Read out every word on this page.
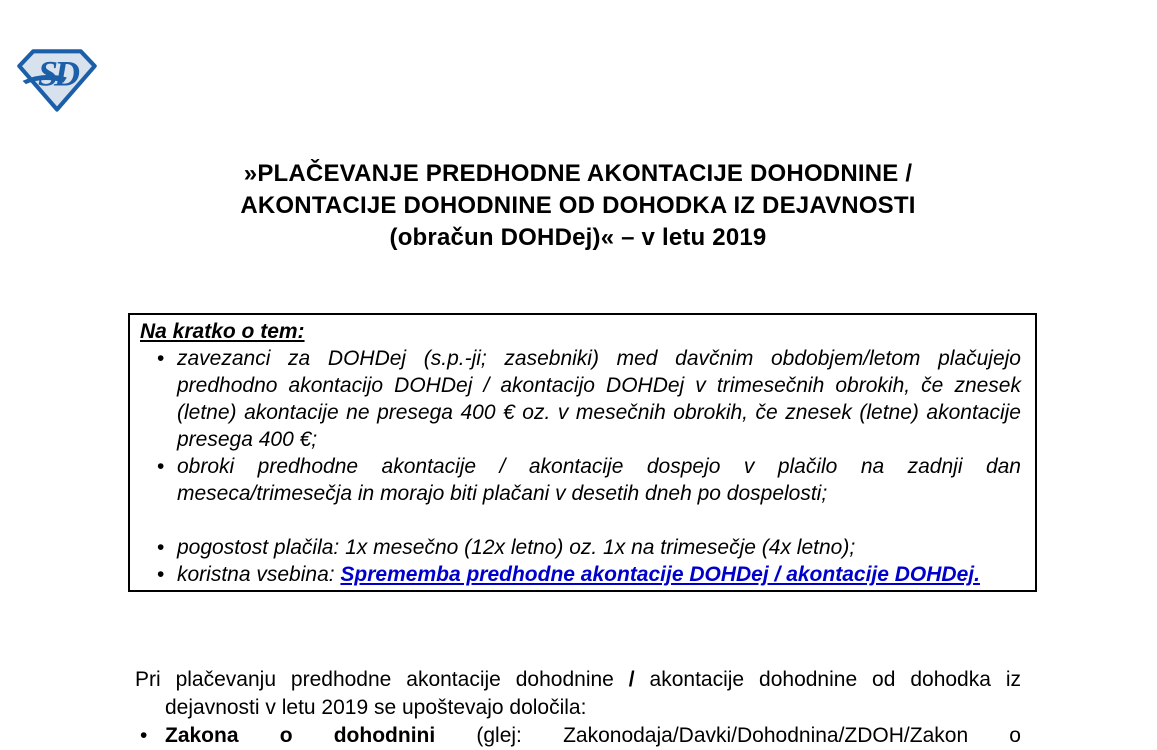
SD
»PLAČEVANJE PREDHODNE AKONTACIJE DOHODNINE /
AKONTACIJE DOHODNINE OD DOHODKA IZ DEJAVNOSTI
(obračun DOHDej)« – v letu 2019
Na kratko o tem:
• zavezanci za DOHDej (s.p.-ji; zasebniki) med davčnim obdobjem/letom plačujejo predhodno akontacijo DOHDej / akontacijo DOHDej v trimesečnih obrokih, če znesek (letne) akontacije ne presega 400 € oz. v mesečnih obrokih, če znesek (letne) akontacije presega 400 €;
• obroki predhodne akontacije / akontacije dospejo v plačilo na zadnji dan meseca/trimesečja in morajo biti plačani v desetih dneh po dospelosti;
• pogostost plačila: 1x mesečno (12x letno) oz. 1x na trimesečje (4x letno);
• koristna vsebina: Sprememba predhodne akontacije DOHDej / akontacije DOHDej.
Pri plačevanju predhodne akontacije dohodnine / akontacije dohodnine od dohodka iz dejavnosti v letu 2019 se upoštevajo določila:
• Zakona o dohodnini (glej: Zakonodaja/Davki/Dohodnina/ZDOH/Zakon o
